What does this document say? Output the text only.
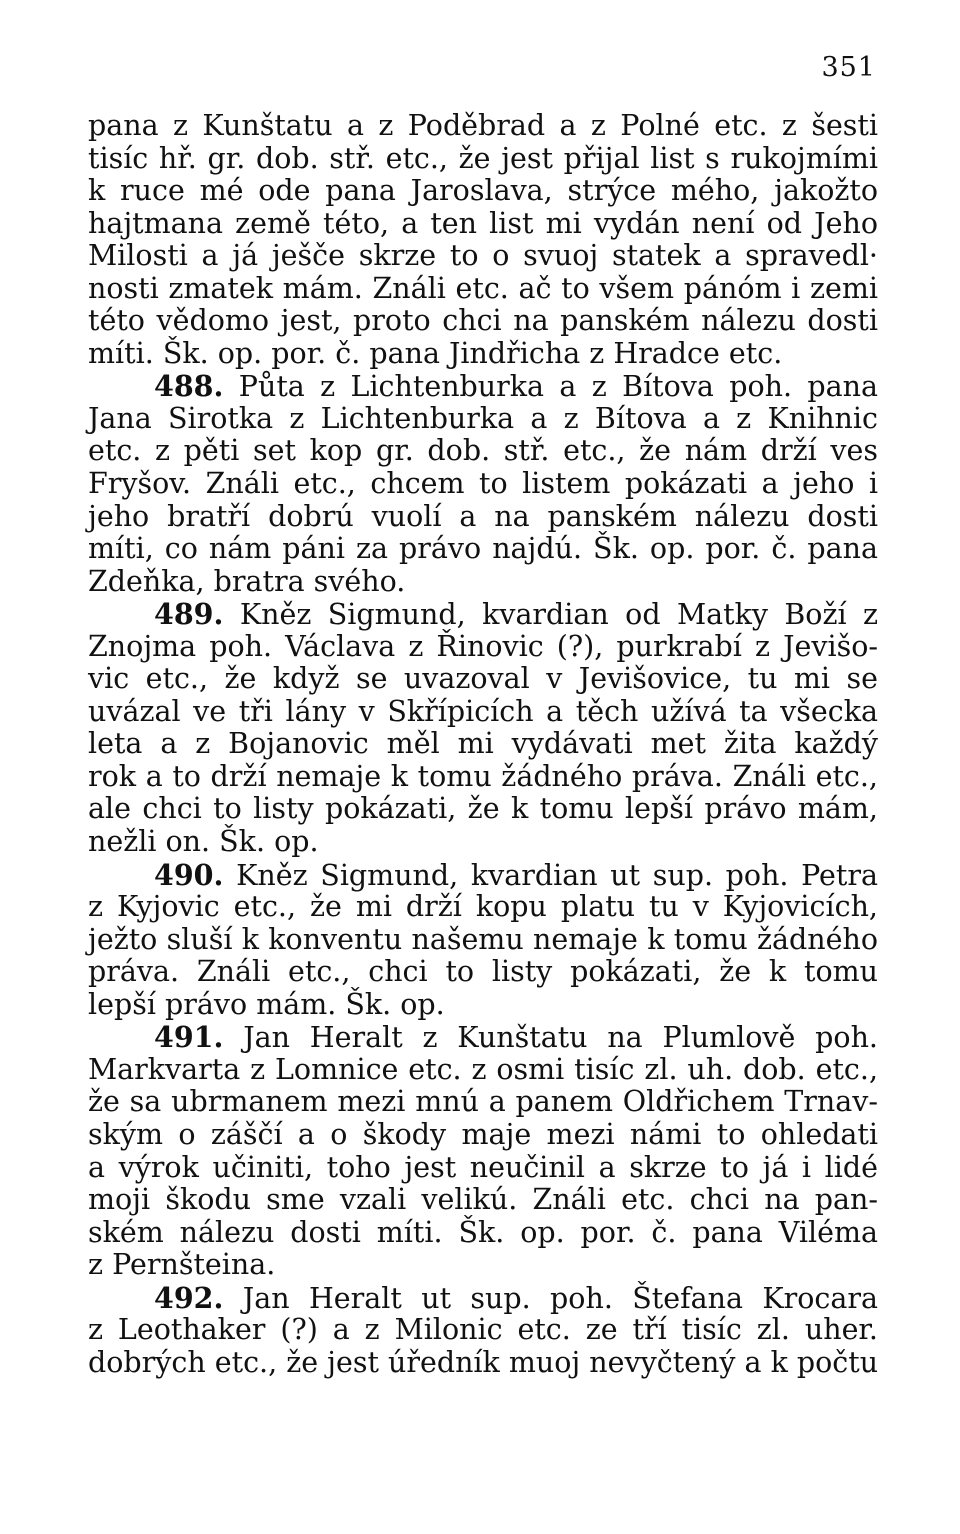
351
pana z Kunštatu a z Poděbrad a z Polné etc. z šesti
tisíc hř. gr. dob. stř. etc., že jest přijal list s rukojmími
k ruce mé ode pana Jaroslava, strýce mého, jakožto
hajtmana země této, a ten list mi vydán není od Jeho
Milosti a já ješče skrze to o svuoj statek a spravedl·
nosti zmatek mám. Ználi etc. ač to všem pánóm i zemi
této vědomo jest, proto chci na panském nálezu dosti
míti. Šk. op. por. č. pana Jindřicha z Hradce etc.
488. Půta z Lichtenburka a z Bítova poh. pana
Jana Sirotka z Lichtenburka a z Bítova a z Knihnic
etc. z pěti set kop gr. dob. stř. etc., že nám drží ves
Fryšov. Ználi etc., chcem to listem pokázati a jeho i
jeho bratří dobrú vuolí a na panském nálezu dosti
míti, co nám páni za právo najdú. Šk. op. por. č. pana
Zdeňka, bratra svého.
489. Kněz Sigmund, kvardian od Matky Boží z
Znojma poh. Václava z Řinovic (?), purkrabí z Jevišo-
vic etc., že když se uvazoval v Jevišovice, tu mi se
uvázal ve tři lány v Skřípicích a těch užívá ta všecka
leta a z Bojanovic měl mi vydávati met žita každý
rok a to drží nemaje k tomu žádného práva. Ználi etc.,
ale chci to listy pokázati, že k tomu lepší právo mám,
nežli on. Šk. op.
490. Kněz Sigmund, kvardian ut sup. poh. Petra
z Kyjovic etc., že mi drží kopu platu tu v Kyjovicích,
ježto sluší k konventu našemu nemaje k tomu žádného
práva. Ználi etc., chci to listy pokázati, že k tomu
lepší právo mám. Šk. op.
491. Jan Heralt z Kunštatu na Plumlově poh.
Markvarta z Lomnice etc. z osmi tisíc zl. uh. dob. etc.,
že sa ubrmanem mezi mnú a panem Oldřichem Trnav-
ským o záščí a o škody maje mezi námi to ohledati
a výrok učiniti, toho jest neučinil a skrze to já i lidé
moji škodu sme vzali velikú. Ználi etc. chci na pan-
ském nálezu dosti míti. Šk. op. por. č. pana Viléma
z Pernšteina.
492. Jan Heralt ut sup. poh. Štefana Krocara
z Leothaker (?) a z Milonic etc. ze tří tisíc zl. uher.
dobrých etc., že jest úředník muoj nevyčtený a k počtu
